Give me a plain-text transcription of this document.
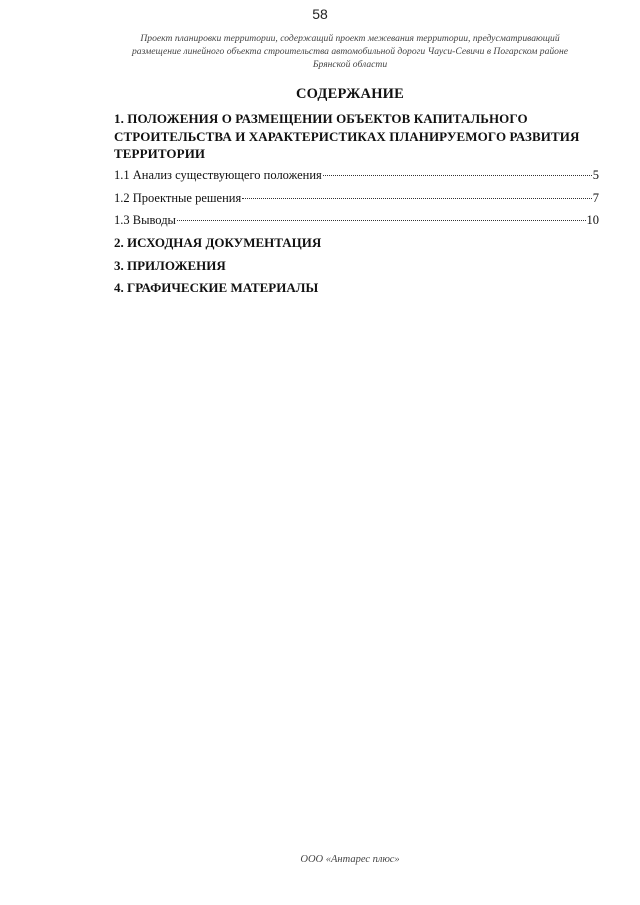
58
Проект планировки территории, содержащий проект межевания территории, предусматривающий
размещение линейного объекта строительства автомобильной дороги Чауси-Севичи в Погарском районе
Брянской области
СОДЕРЖАНИЕ
1. ПОЛОЖЕНИЯ О РАЗМЕЩЕНИИ ОБЪЕКТОВ КАПИТАЛЬНОГО
СТРОИТЕЛЬСТВА И ХАРАКТЕРИСТИКАХ ПЛАНИРУЕМОГО РАЗВИТИЯ
ТЕРРИТОРИИ
1.1 Анализ существующего положения	5
1.2 Проектные решения	7
1.3 Выводы	10
2. ИСХОДНАЯ ДОКУМЕНТАЦИЯ
3. ПРИЛОЖЕНИЯ
4. ГРАФИЧЕСКИЕ МАТЕРИАЛЫ
ООО «Антарес плюс»
